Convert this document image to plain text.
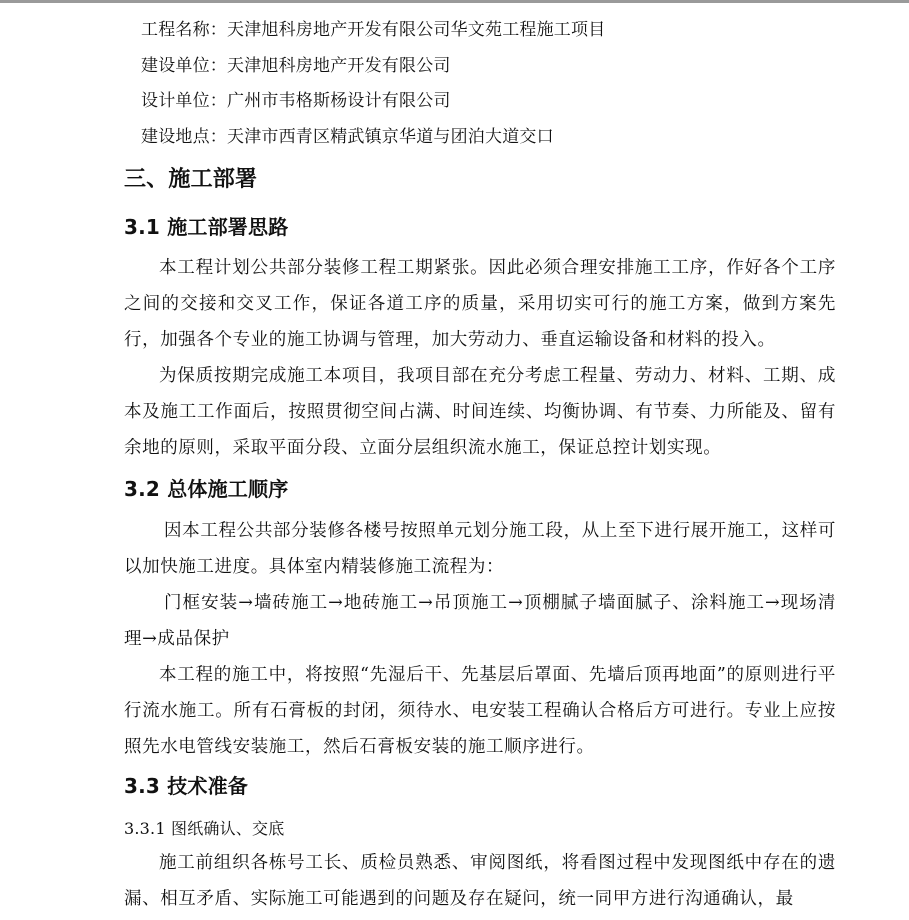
工程名称：天津旭科房地产开发有限公司华文苑工程施工项目
建设单位：天津旭科房地产开发有限公司
设计单位：广州市韦格斯杨设计有限公司
建设地点：天津市西青区精武镇京华道与团泊大道交口
三、施工部署
3.1 施工部署思路
本工程计划公共部分装修工程工期紧张。因此必须合理安排施工工序，作好各个工序之间的交接和交叉工作，保证各道工序的质量，采用切实可行的施工方案，做到方案先行，加强各个专业的施工协调与管理，加大劳动力、垂直运输设备和材料的投入。
为保质按期完成施工本项目，我项目部在充分考虑工程量、劳动力、材料、工期、成本及施工工作面后，按照贯彻空间占满、时间连续、均衡协调、有节奏、力所能及、留有余地的原则，采取平面分段、立面分层组织流水施工，保证总控计划实现。
3.2 总体施工顺序
因本工程公共部分装修各楼号按照单元划分施工段，从上至下进行展开施工，这样可以加快施工进度。具体室内精装修施工流程为：
门框安装→墙砖施工→地砖施工→吊顶施工→顶棚腻子墙面腻子、涂料施工→现场清理→成品保护
本工程的施工中，将按照“先湿后干、先基层后罩面、先墙后顶再地面”的原则进行平行流水施工。所有石膏板的封闭，须待水、电安装工程确认合格后方可进行。专业上应按照先水电管线安装施工，然后石膏板安装的施工顺序进行。
3.3 技术准备
3.3.1 图纸确认、交底
施工前组织各栋号工长、质检员熟悉、审阅图纸，将看图过程中发现图纸中存在的遗漏、相互矛盾、实际施工可能遇到的问题及存在疑问，统一同甲方进行沟通确认，最
